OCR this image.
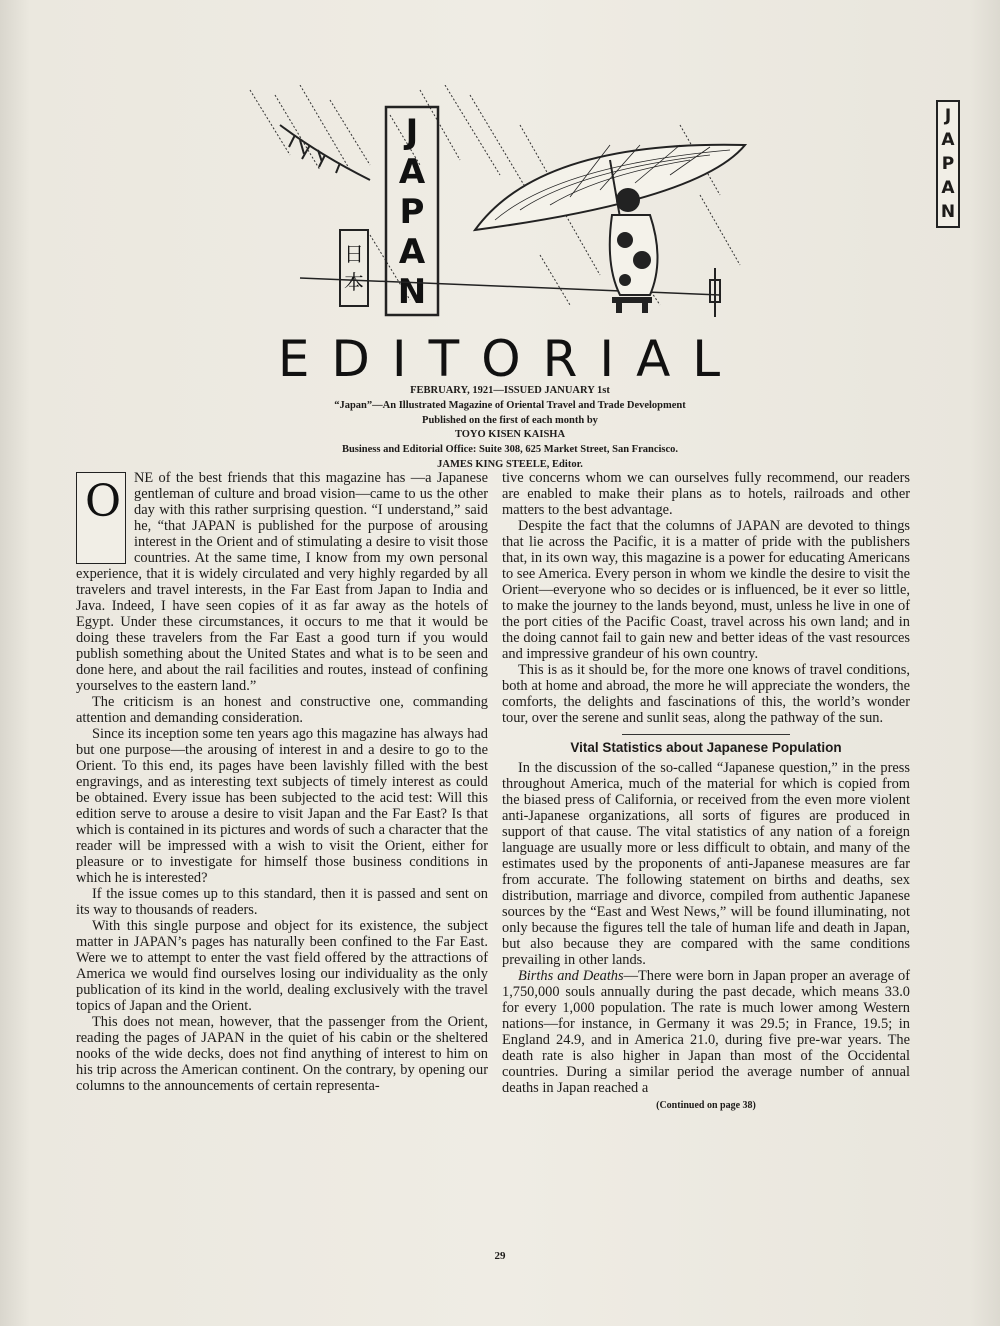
J
A
P
A
N
J
A
P
A
N
日
本
EDITORIAL
FEBRUARY, 1921—ISSUED JANUARY 1st
“Japan”—An Illustrated Magazine of Oriental Travel and Trade Development
Published on the first of each month by
TOYO KISEN KAISHA
Business and Editorial Office: Suite 308, 625 Market Street, San Francisco.
JAMES KING STEELE, Editor.
O NE of the best friends that this magazine has —a Japanese gentleman of culture and broad vision—came to us the other day with this rather surprising question. “I understand,” said he, “that JAPAN is published for the purpose of arousing interest in the Orient and of stimulating a desire to visit those countries. At the same time, I know from my own personal experience, that it is widely circulated and very highly regarded by all travelers and travel interests, in the Far East from Japan to India and Java. Indeed, I have seen copies of it as far away as the hotels of Egypt. Under these circumstances, it occurs to me that it would be doing these travelers from the Far East a good turn if you would publish something about the United States and what is to be seen and done here, and about the rail facilities and routes, instead of confining yourselves to the eastern land.”

The criticism is an honest and constructive one, commanding attention and demanding consideration.

Since its inception some ten years ago this magazine has always had but one purpose—the arousing of interest in and a desire to go to the Orient. To this end, its pages have been lavishly filled with the best engravings, and as interesting text subjects of timely interest as could be obtained. Every issue has been subjected to the acid test: Will this edition serve to arouse a desire to visit Japan and the Far East? Is that which is contained in its pictures and words of such a character that the reader will be impressed with a wish to visit the Orient, either for pleasure or to investigate for himself those business conditions in which he is interested?

If the issue comes up to this standard, then it is passed and sent on its way to thousands of readers.

With this single purpose and object for its existence, the subject matter in JAPAN’s pages has naturally been confined to the Far East. Were we to attempt to enter the vast field offered by the attractions of America we would find ourselves losing our individuality as the only publication of its kind in the world, dealing exclusively with the travel topics of Japan and the Orient.

This does not mean, however, that the passenger from the Orient, reading the pages of JAPAN in the quiet of his cabin or the sheltered nooks of the wide decks, does not find anything of interest to him on his trip across the American continent. On the contrary, by opening our columns to the announcements of certain representa-

tive concerns whom we can ourselves fully recommend, our readers are enabled to make their plans as to hotels, railroads and other matters to the best advantage.

Despite the fact that the columns of JAPAN are devoted to things that lie across the Pacific, it is a matter of pride with the publishers that, in its own way, this magazine is a power for educating Americans to see America. Every person in whom we kindle the desire to visit the Orient—everyone who so decides or is influenced, be it ever so little, to make the journey to the lands beyond, must, unless he live in one of the port cities of the Pacific Coast, travel across his own land; and in the doing cannot fail to gain new and better ideas of the vast resources and impressive grandeur of his own country.

This is as it should be, for the more one knows of travel conditions, both at home and abroad, the more he will appreciate the wonders, the comforts, the delights and fascinations of this, the world’s wonder tour, over the serene and sunlit seas, along the pathway of the sun.

Vital Statistics about Japanese Population

In the discussion of the so-called “Japanese question,” in the press throughout America, much of the material for which is copied from the biased press of California, or received from the even more violent anti-Japanese organizations, all sorts of figures are produced in support of that cause. The vital statistics of any nation of a foreign language are usually more or less difficult to obtain, and many of the estimates used by the proponents of anti-Japanese measures are far from accurate. The following statement on births and deaths, sex distribution, marriage and divorce, compiled from authentic Japanese sources by the “East and West News,” will be found illuminating, not only because the figures tell the tale of human life and death in Japan, but also because they are compared with the same conditions prevailing in other lands.

Births and Deaths—There were born in Japan proper an average of 1,750,000 souls annually during the past decade, which means 33.0 for every 1,000 population. The rate is much lower among Western nations—for instance, in Germany it was 29.5; in France, 19.5; in England 24.9, and in America 21.0, during five pre-war years. The death rate is also higher in Japan than most of the Occidental countries. During a similar period the average number of annual deaths in Japan reached a

(Continued on page 38)
29
